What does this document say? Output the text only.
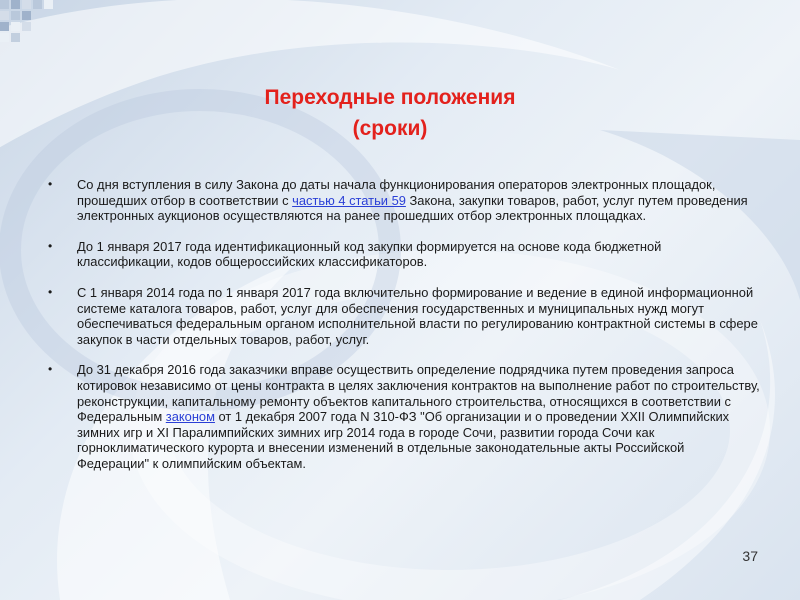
Переходные положения
(сроки)
• Со дня вступления в силу Закона до даты начала функционирования операторов электронных площадок, прошедших отбор в соответствии с частью 4 статьи 59 Закона, закупки товаров, работ, услуг путем проведения электронных аукционов осуществляются на ранее прошедших отбор электронных площадках.
• До 1 января 2017 года идентификационный код закупки формируется на основе кода бюджетной классификации, кодов общероссийских классификаторов.
• С 1 января 2014 года по 1 января 2017 года включительно формирование и ведение в единой информационной системе каталога товаров, работ, услуг для обеспечения государственных и муниципальных нужд могут обеспечиваться федеральным органом исполнительной власти по регулированию контрактной системы в сфере закупок в части отдельных товаров, работ, услуг.
• До 31 декабря 2016 года заказчики вправе осуществить определение подрядчика путем проведения запроса котировок независимо от цены контракта в целях заключения контрактов на выполнение работ по строительству, реконструкции, капитальному ремонту объектов капитального строительства, относящихся в соответствии с Федеральным законом от 1 декабря 2007 года N 310-ФЗ "Об организации и о проведении XXII Олимпийских зимних игр и XI Паралимпийских зимних игр 2014 года в городе Сочи, развитии города Сочи как горноклиматического курорта и внесении изменений в отдельные законодательные акты Российской Федерации" к олимпийским объектам.
37
